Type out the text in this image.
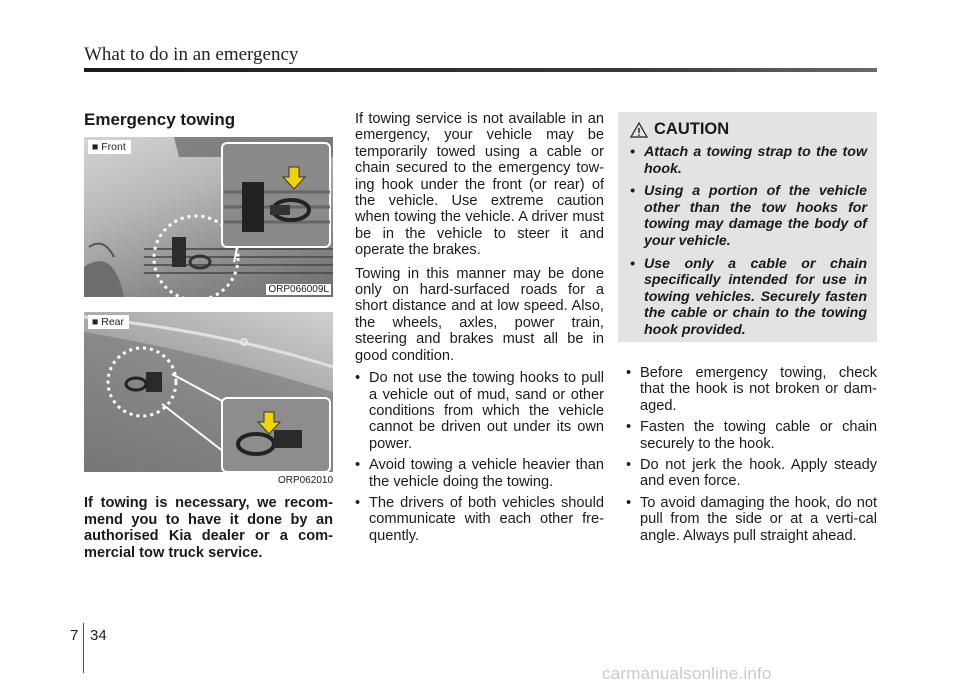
What to do in an emergency
Emergency towing
■ Front
ORP066009L
■ Rear
ORP062010

If towing is necessary, we recom-mend you to have it done by an authorised Kia dealer or a com-mercial tow truck service.

If towing service is not available in an emergency, your vehicle may be temporarily towed using a cable or chain secured to the emergency tow-ing hook under the front (or rear) of the vehicle. Use extreme caution when towing the vehicle. A driver must be in the vehicle to steer it and operate the brakes.

Towing in this manner may be done only on hard-surfaced roads for a short distance and at low speed. Also, the wheels, axles, power train, steering and brakes must all be in good condition.

• Do not use the towing hooks to pull a vehicle out of mud, sand or other conditions from which the vehicle cannot be driven out under its own power.
• Avoid towing a vehicle heavier than the vehicle doing the towing.
• The drivers of both vehicles should communicate with each other fre-quently.
CAUTION
• Attach a towing strap to the tow hook.
• Using a portion of the vehicle other than the tow hooks for towing may damage the body of your vehicle.
• Use only a cable or chain specifically intended for use in towing vehicles. Securely fasten the cable or chain to the towing hook provided.
• Before emergency towing, check that the hook is not broken or dam-aged.
• Fasten the towing cable or chain securely to the hook.
• Do not jerk the hook. Apply steady and even force.
• To avoid damaging the hook, do not pull from the side or at a verti-cal angle. Always pull straight ahead.
7 34
carmanualsonline.info
